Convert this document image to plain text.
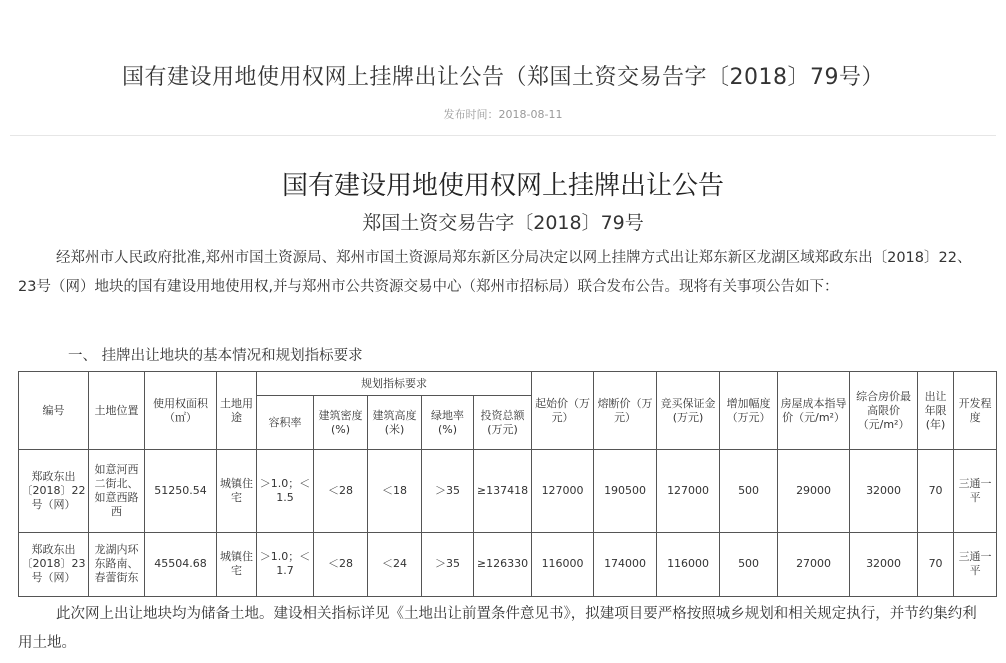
国有建设用地使用权网上挂牌出让公告（郑国土资交易告字〔2018〕79号）
发布时间：2018-08-11
国有建设用地使用权网上挂牌出让公告
郑国土资交易告字〔2018〕79号

经郑州市人民政府批准,郑州市国土资源局、郑州市国土资源局郑东新区分局决定以网上挂牌方式出让郑东新区龙湖区域郑政东出〔2018〕22、23号（网）地块的国有建设用地使用权,并与郑州市公共资源交易中心（郑州市招标局）联合发布公告。现将有关事项公告如下：

一、 挂牌出让地块的基本情况和规划指标要求
编号	土地位置	使用权面积（㎡）	土地用途	规划指标要求					起始价（万元）	熔断价（万元）	竞买保证金(万元)	增加幅度（万元）	房屋成本指导价（元/m²）	综合房价最高限价（元/m²）	出让年限(年)	开发程度
				容积率	建筑密度(%)	建筑高度(米)	绿地率(%)	投资总额(万元)								
郑政东出〔2018〕22号（网）	如意河西二街北、如意西路西	51250.54	城镇住宅	＞1.0；＜1.5	＜28	＜18	＞35	≥137418	127000	190500	127000	500	29000	32000	70	三通一平
郑政东出〔2018〕23号（网）	龙湖内环东路南、春蕾街东	45504.68	城镇住宅	＞1.0；＜1.7	＜28	＜24	＞35	≥126330	116000	174000	116000	500	27000	32000	70	三通一平

此次网上出让地块均为储备土地。建设相关指标详见《土地出让前置条件意见书》，拟建项目要严格按照城乡规划和相关规定执行，并节约集约利用土地。
